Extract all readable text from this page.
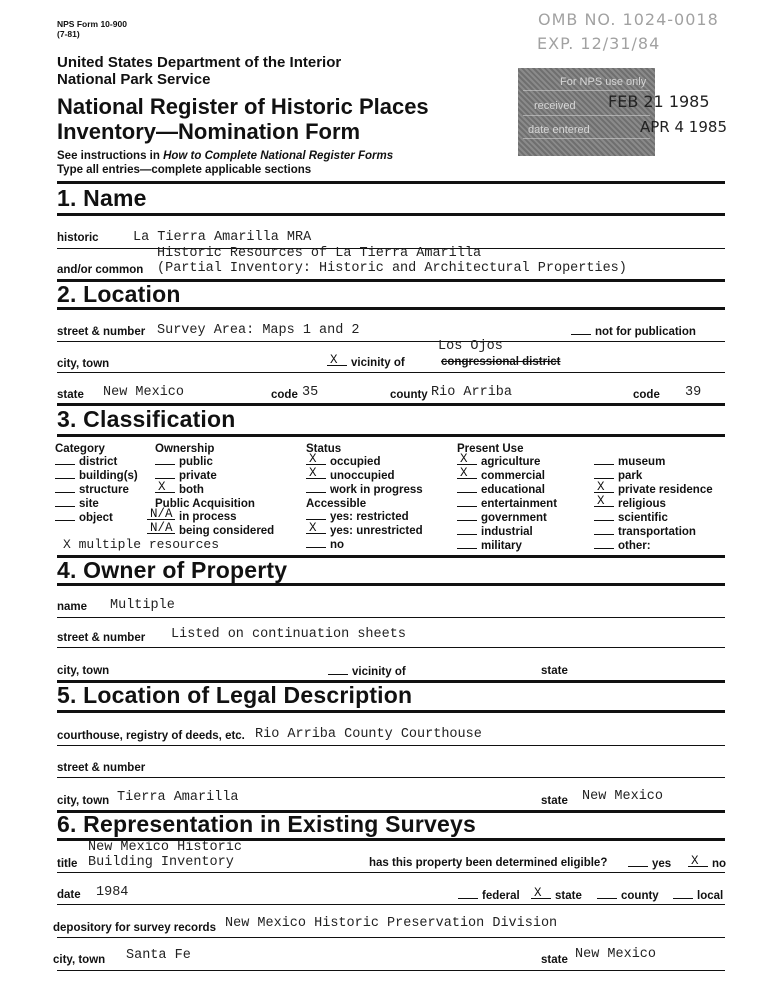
NPS Form 10-900
(7-81)
OMB NO. 1024-0018
EXP. 12/31/84
United States Department of the Interior
National Park Service
National Register of Historic Places
Inventory—Nomination Form
See instructions in How to Complete National Register Forms
Type all entries—complete applicable sections
For NPS use only
received
date entered
FEB 21 1985
APR 4 1985
1. Name
historic	La Tierra Amarilla MRA
Historic Resources of La Tierra Amarilla
and/or common (Partial Inventory: Historic and Architectural Properties)
2. Location
street & number Survey Area: Maps 1 and 2	not for publication
Los Ojos
city, town	X vicinity of	congressional district
state New Mexico	code 35	county Rio Arriba	code 39
3. Classification
Category
district
building(s)
structure
site
object
X multiple resources
Ownership
public
private
X both
Public Acquisition
N/A in process
N/A being considered
Status
X occupied
X unoccupied
work in progress
Accessible
yes: restricted
X yes: unrestricted
no
Present Use
X agriculture
X commercial
educational
entertainment
government
industrial
military
museum
park
X private residence
X religious
scientific
transportation
other:
4. Owner of Property
name Multiple
street & number Listed on continuation sheets
city, town	vicinity of	state
5. Location of Legal Description
courthouse, registry of deeds, etc. Rio Arriba County Courthouse
street & number
city, town Tierra Amarilla	state New Mexico
6. Representation in Existing Surveys
New Mexico Historic
title Building Inventory	has this property been determined eligible?	yes X no
date 1984	federal X state	county	local
depository for survey records New Mexico Historic Preservation Division
city, town Santa Fe	state New Mexico
